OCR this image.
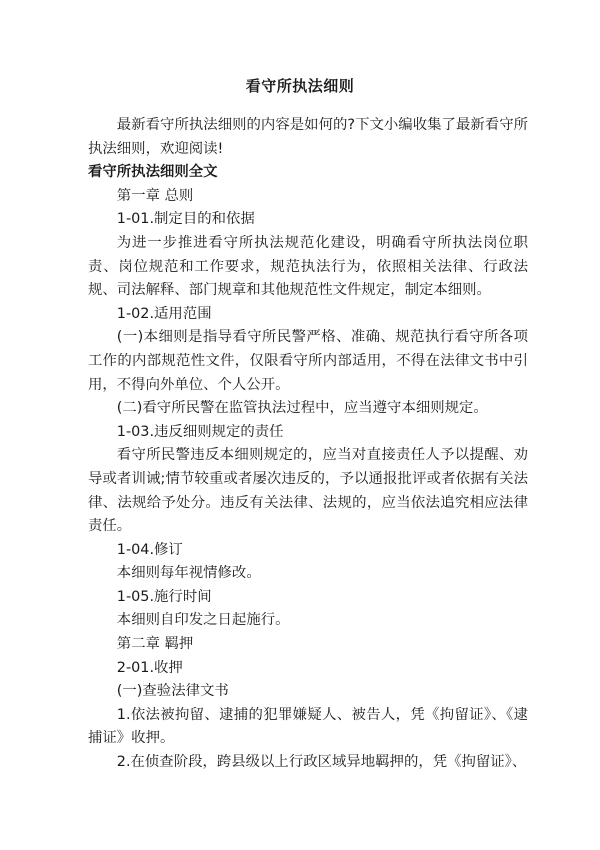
看守所执法细则

最新看守所执法细则的内容是如何的?下文小编收集了最新看守所执法细则，欢迎阅读!

看守所执法细则全文

第一章 总则

1-01.制定目的和依据

为进一步推进看守所执法规范化建设，明确看守所执法岗位职责、岗位规范和工作要求，规范执法行为，依照相关法律、行政法规、司法解释、部门规章和其他规范性文件规定，制定本细则。

1-02.适用范围

(一)本细则是指导看守所民警严格、准确、规范执行看守所各项工作的内部规范性文件，仅限看守所内部适用，不得在法律文书中引用，不得向外单位、个人公开。

(二)看守所民警在监管执法过程中，应当遵守本细则规定。

1-03.违反细则规定的责任

看守所民警违反本细则规定的，应当对直接责任人予以提醒、劝导或者训诫;情节较重或者屡次违反的，予以通报批评或者依据有关法律、法规给予处分。违反有关法律、法规的，应当依法追究相应法律责任。

1-04.修订

本细则每年视情修改。

1-05.施行时间

本细则自印发之日起施行。

第二章 羁押

2-01.收押

(一)查验法律文书

1.依法被拘留、逮捕的犯罪嫌疑人、被告人，凭《拘留证》、《逮捕证》收押。

2.在侦查阶段，跨县级以上行政区域异地羁押的，凭《拘留证》、
